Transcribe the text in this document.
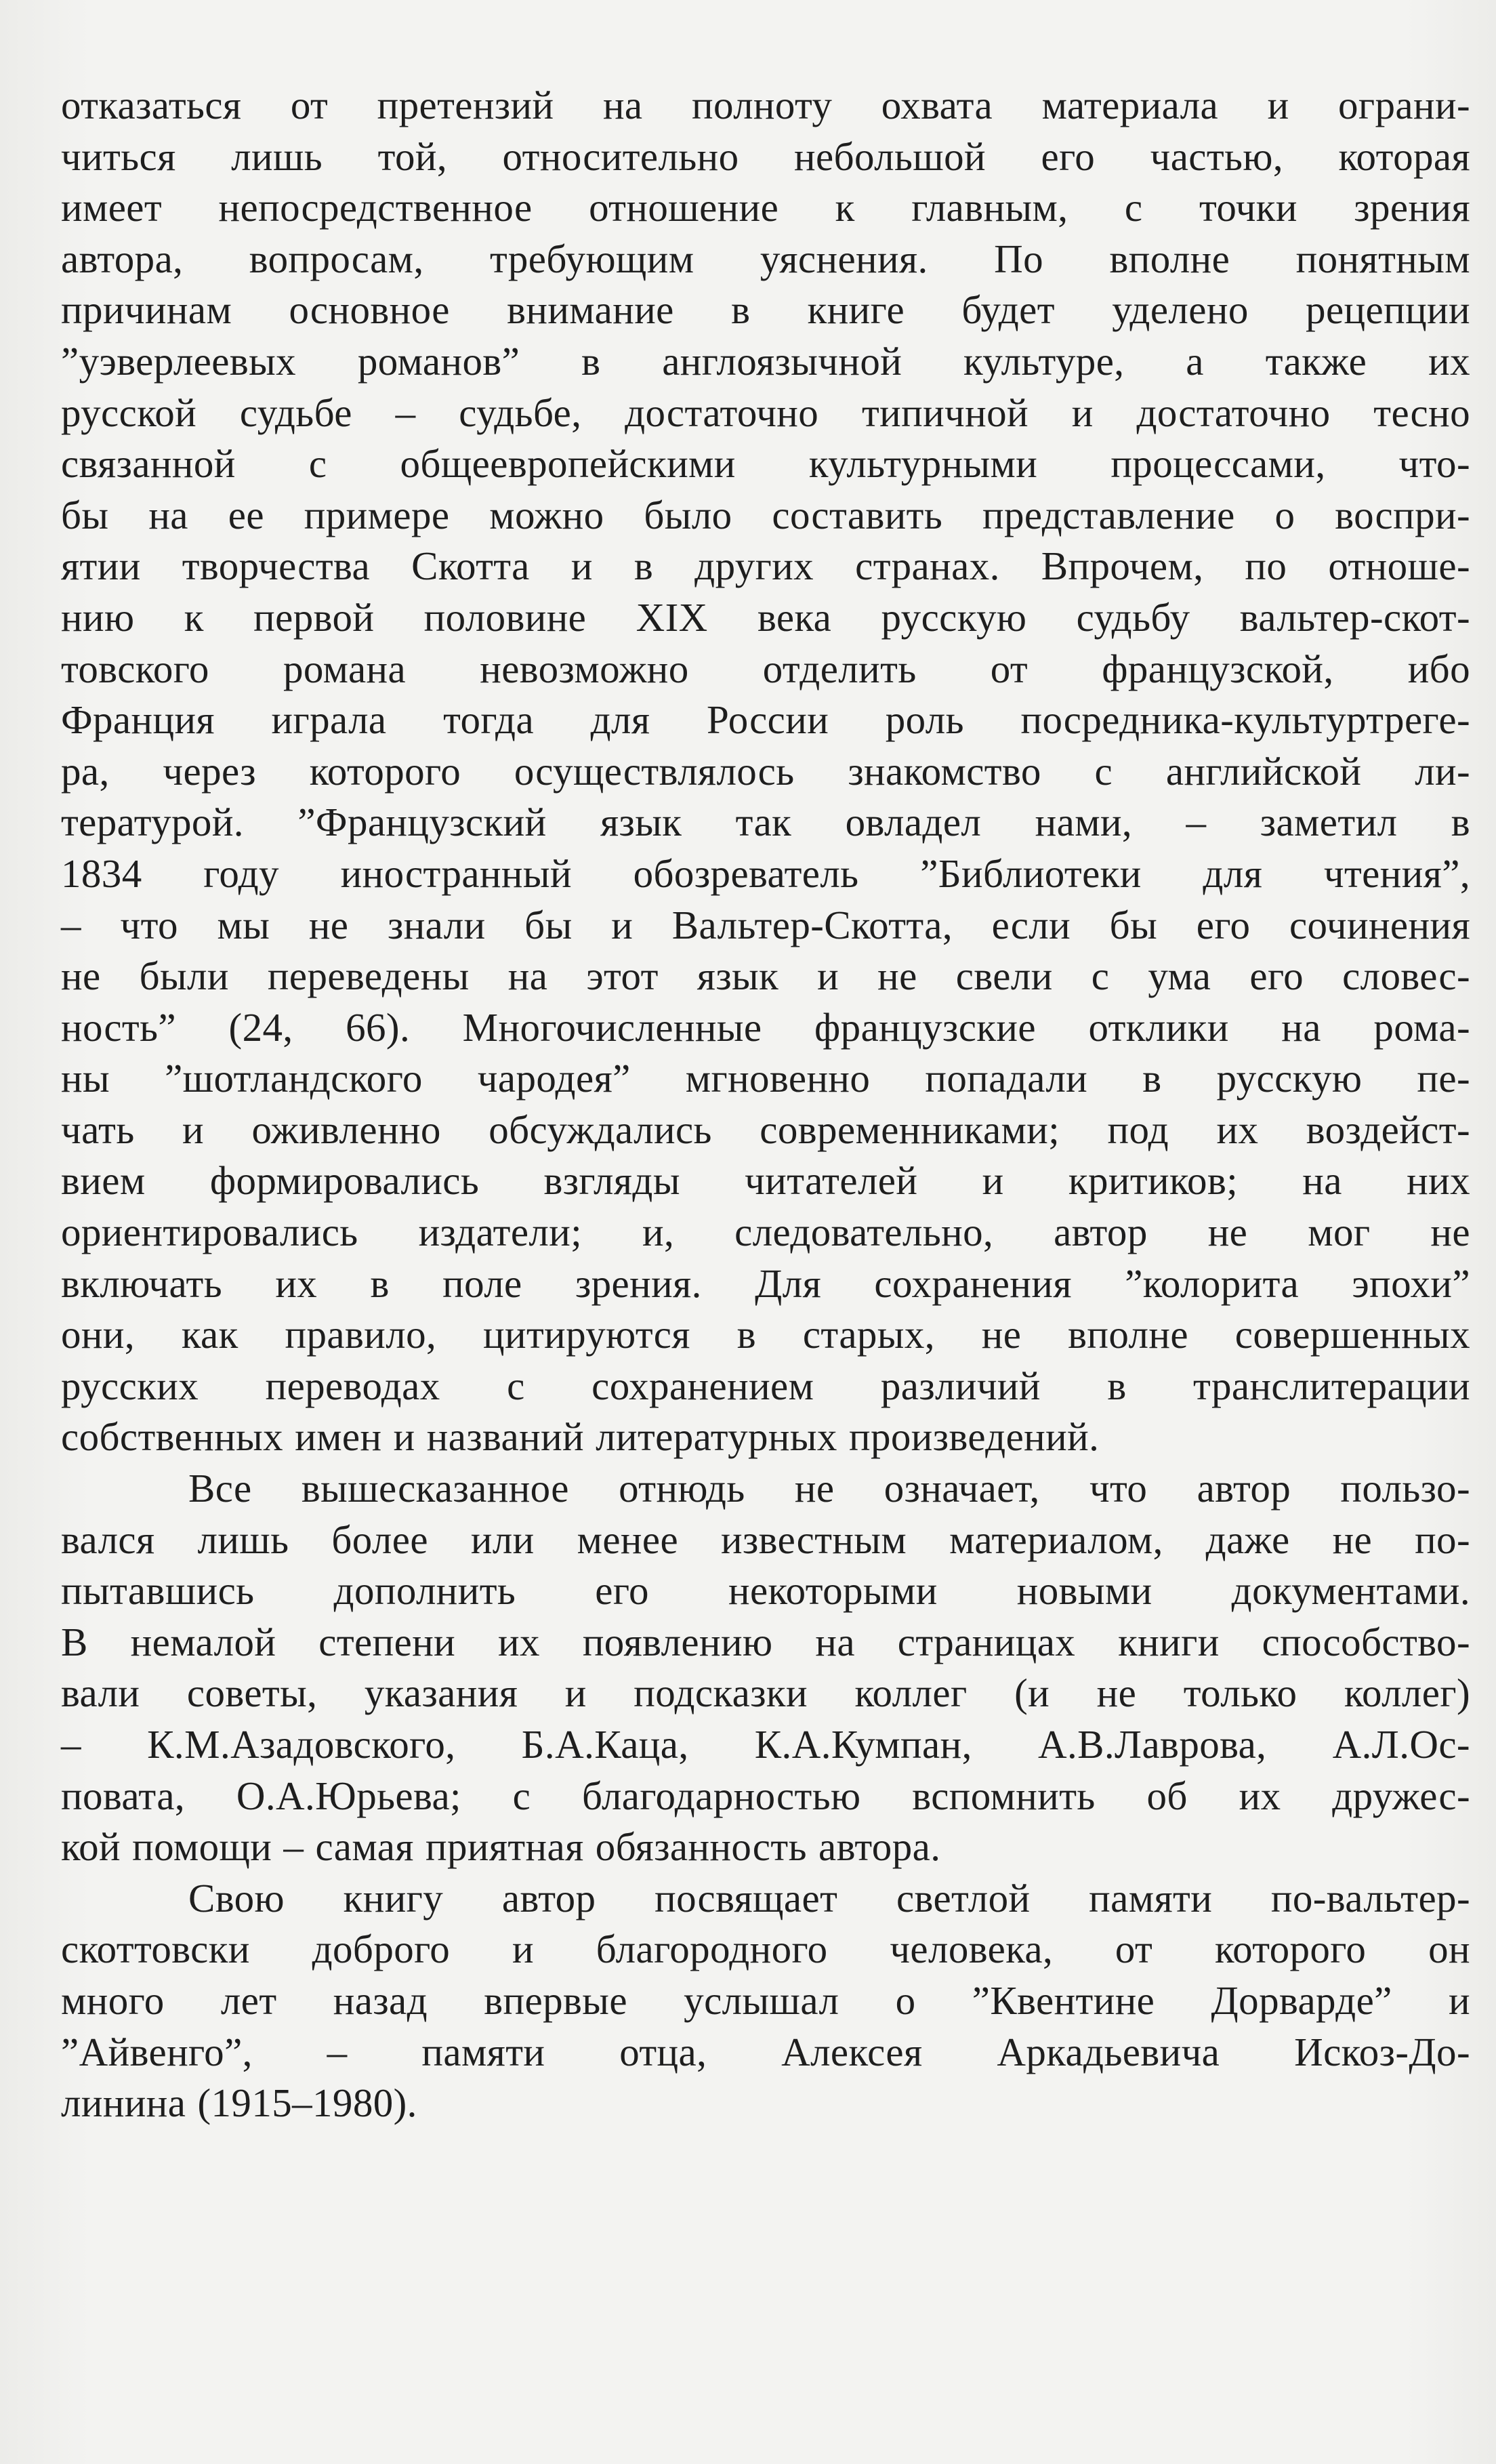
отказаться от претензий на полноту охвата материала и ограни-
читься лишь той, относительно небольшой его частью, которая
имеет непосредственное отношение к главным, с точки зрения
автора, вопросам, требующим уяснения. По вполне понятным
причинам основное внимание в книге будет уделено рецепции
”уэверлеевых романов” в англоязычной культуре, а также их
русской судьбе – судьбе, достаточно типичной и достаточно тесно
связанной с общеевропейскими культурными процессами, что-
бы на ее примере можно было составить представление о воспри-
ятии творчества Скотта и в других странах. Впрочем, по отноше-
нию к первой половине XIX века русскую судьбу вальтер-скот-
товского романа невозможно отделить от французской, ибо
Франция играла тогда для России роль посредника-культуртреге-
ра, через которого осуществлялось знакомство с английской ли-
тературой. ”Французский язык так овладел нами, – заметил в
1834 году иностранный обозреватель ”Библиотеки для чтения”,
– что мы не знали бы и Вальтер-Скотта, если бы его сочинения
не были переведены на этот язык и не свели с ума его словес-
ность” (24, 66). Многочисленные французские отклики на рома-
ны ”шотландского чародея” мгновенно попадали в русскую пе-
чать и оживленно обсуждались современниками; под их воздейст-
вием формировались взгляды читателей и критиков; на них
ориентировались издатели; и, следовательно, автор не мог не
включать их в поле зрения. Для сохранения ”колорита эпохи”
они, как правило, цитируются в старых, не вполне совершенных
русских переводах с сохранением различий в транслитерации
собственных имен и названий литературных произведений.
Все вышесказанное отнюдь не означает, что автор пользо-
вался лишь более или менее известным материалом, даже не по-
пытавшись дополнить его некоторыми новыми документами.
В немалой степени их появлению на страницах книги способство-
вали советы, указания и подсказки коллег (и не только коллег)
– К.М.Азадовского, Б.А.Каца, К.А.Кумпан, А.В.Лаврова, А.Л.Ос-
повата, О.А.Юрьева; с благодарностью вспомнить об их дружес-
кой помощи – самая приятная обязанность автора.
Свою книгу автор посвящает светлой памяти по-вальтер-
скоттовски доброго и благородного человека, от которого он
много лет назад впервые услышал о ”Квентине Дорварде” и
”Айвенго”, – памяти отца, Алексея Аркадьевича Искоз-До-
линина (1915–1980).
